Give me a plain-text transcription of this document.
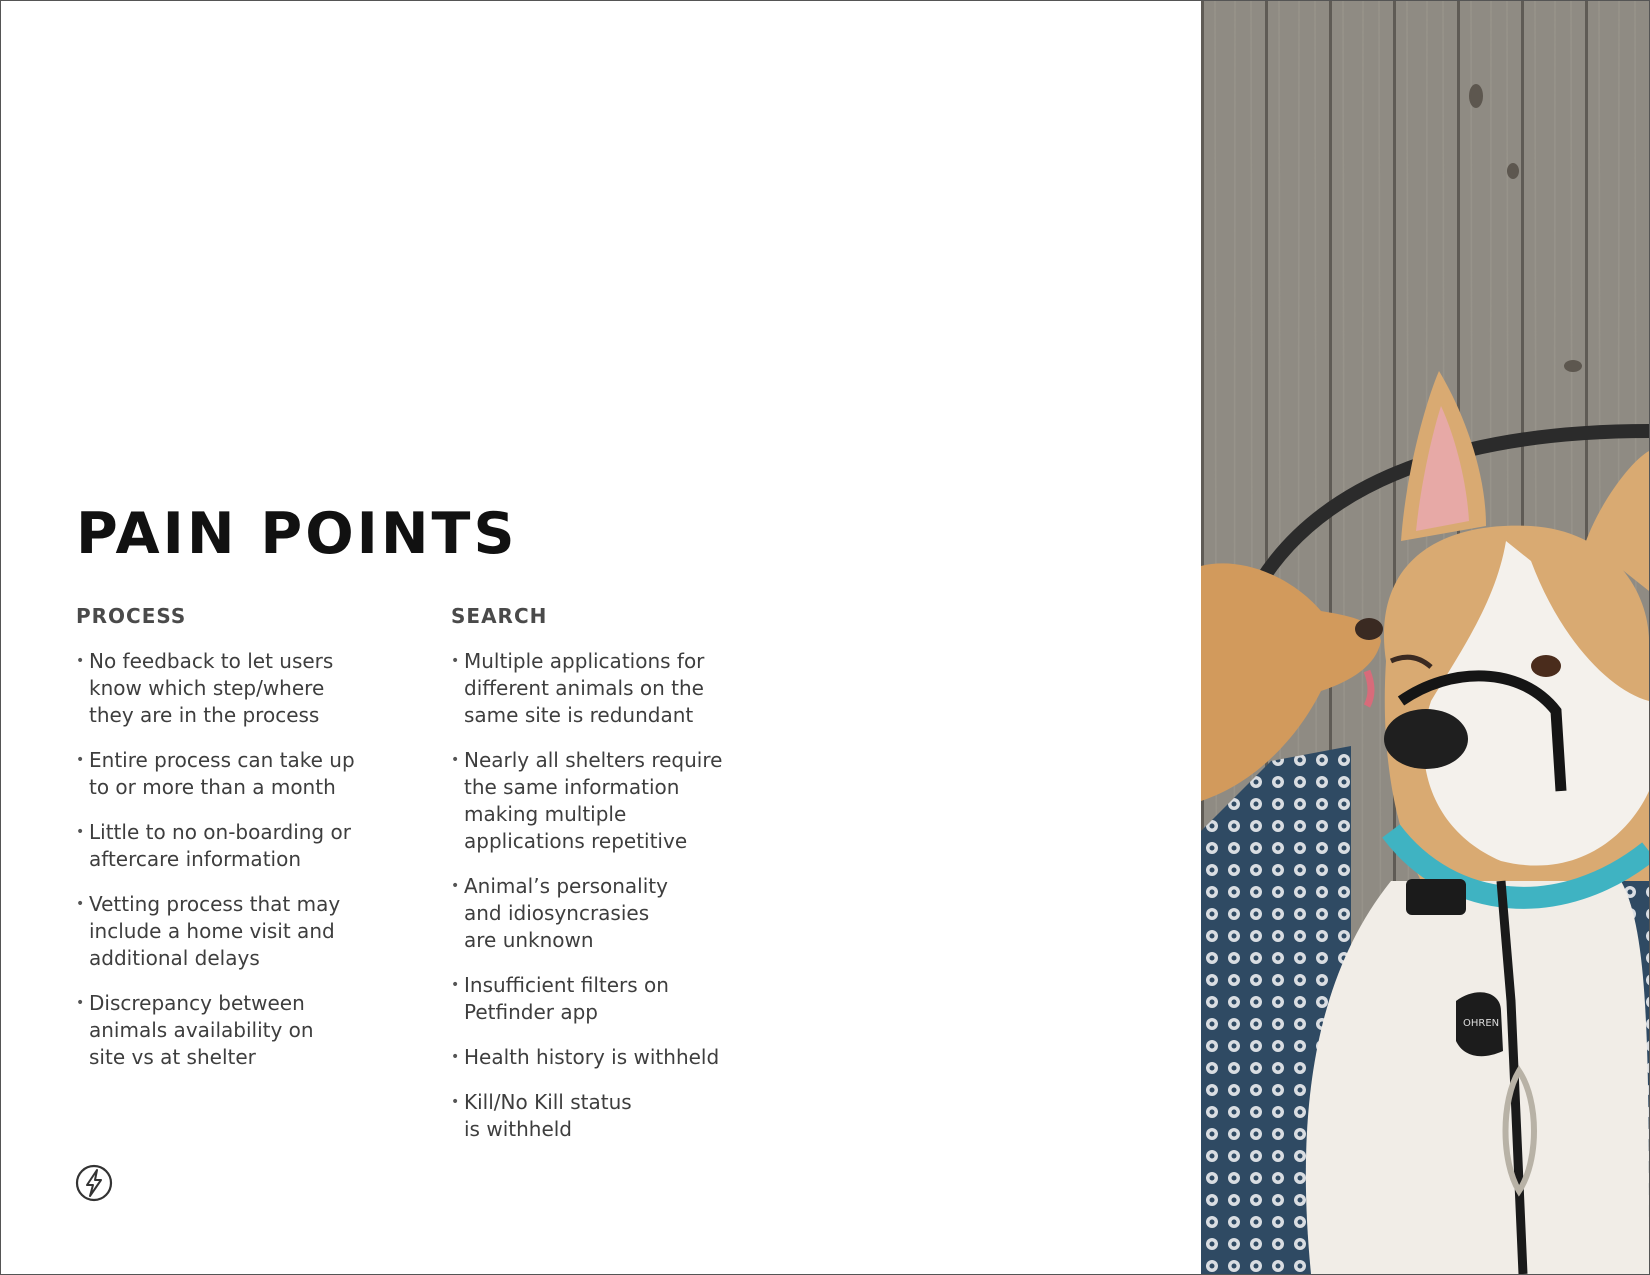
PAIN POINTS
PROCESS
• No feedback to let users
know which step/where
they are in the process
• Entire process can take up
to or more than a month
• Little to no on-boarding or
aftercare information
• Vetting process that may
include a home visit and
additional delays
• Discrepancy between
animals availability on
site vs at shelter
SEARCH
• Multiple applications for
different animals on the
same site is redundant
• Nearly all shelters require
the same information
making multiple
applications repetitive
• Animal’s personality
and idiosyncrasies
are unknown
• Insufficient filters on
Petfinder app
• Health history is withheld
• Kill/No Kill status
is withheld
OHREN
